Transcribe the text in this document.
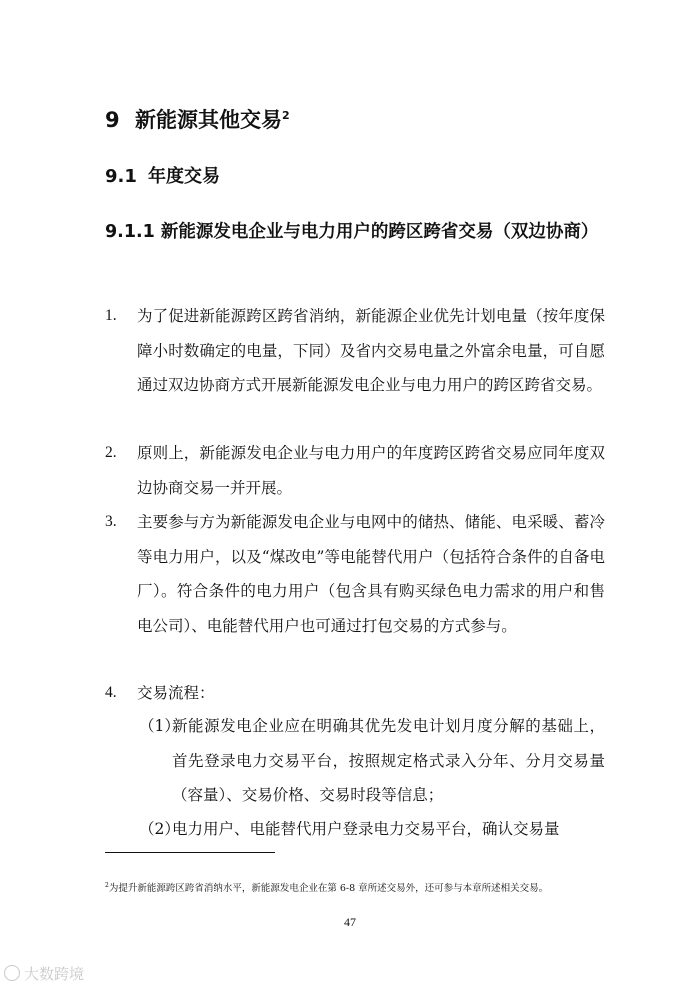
9 新能源其他交易$^2$
9.1 年度交易
9.1.1 新能源发电企业与电力用户的跨区跨省交易（双边协商）
1. 为了促进新能源跨区跨省消纳，新能源企业优先计划电量（按年度保障小时数确定的电量，下同）及省内交易电量之外富余电量，可自愿通过双边协商方式开展新能源发电企业与电力用户的跨区跨省交易。
2. 原则上，新能源发电企业与电力用户的年度跨区跨省交易应同年度双边协商交易一并开展。
3. 主要参与方为新能源发电企业与电网中的储热、储能、电采暖、蓄冷等电力用户，以及“煤改电”等电能替代用户（包括符合条件的自备电厂）。符合条件的电力用户（包含具有购买绿色电力需求的用户和售电公司）、电能替代用户也可通过打包交易的方式参与。
4. 交易流程：
（1）
新能源发电企业应在明确其优先发电计划月度分解的基础上，首先登录电力交易平台，按照规定格式录入分年、分月交易量（容量）、交易价格、交易时段等信息；
（2）
电力用户、电能替代用户登录电力交易平台，确认交易量
$^2$为提升新能源跨区跨省消纳水平，新能源发电企业在第 6-8 章所述交易外，还可参与本章所述相关交易。
47
大数跨境
